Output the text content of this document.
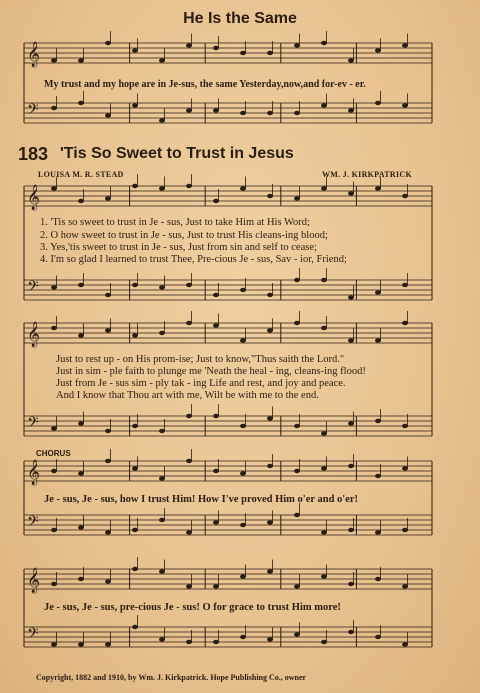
𝄞
𝄢
𝄞
𝄢
𝄞
𝄢
𝄞
𝄢
𝄞
𝄢
He Is the Same
My trust and my hope are in Je-sus, the same Yesterday,now,and for-ev - er.
183 'Tis So Sweet to Trust in Jesus
LOUISA M. R. STEAD	WM. J. KIRKPATRICK
1. 'Tis so sweet to trust in Je - sus, Just to take Him at His Word;
2. O how sweet to trust in Je - sus, Just to trust His cleans-ing blood;
3. Yes,'tis sweet to trust in Je - sus, Just from sin and self to cease;
4. I'm so glad I learned to trust Thee, Pre-cious Je - sus, Sav - ior, Friend;
Just to rest up - on His prom-ise; Just to know,"Thus saith the Lord."
Just in sim - ple faith to plunge me 'Neath the heal - ing, cleans-ing flood!
Just from Je - sus sim - ply tak - ing Life and rest, and joy and peace.
And I know that Thou art with me, Wilt be with me to the end.
CHORUS
Je - sus, Je - sus, how I trust Him! How I've proved Him o'er and o'er!
Je - sus, Je - sus, pre-cious Je - sus! O for grace to trust Him more!
Copyright, 1882 and 1910, by Wm. J. Kirkpatrick. Hope Publishing Co., owner
